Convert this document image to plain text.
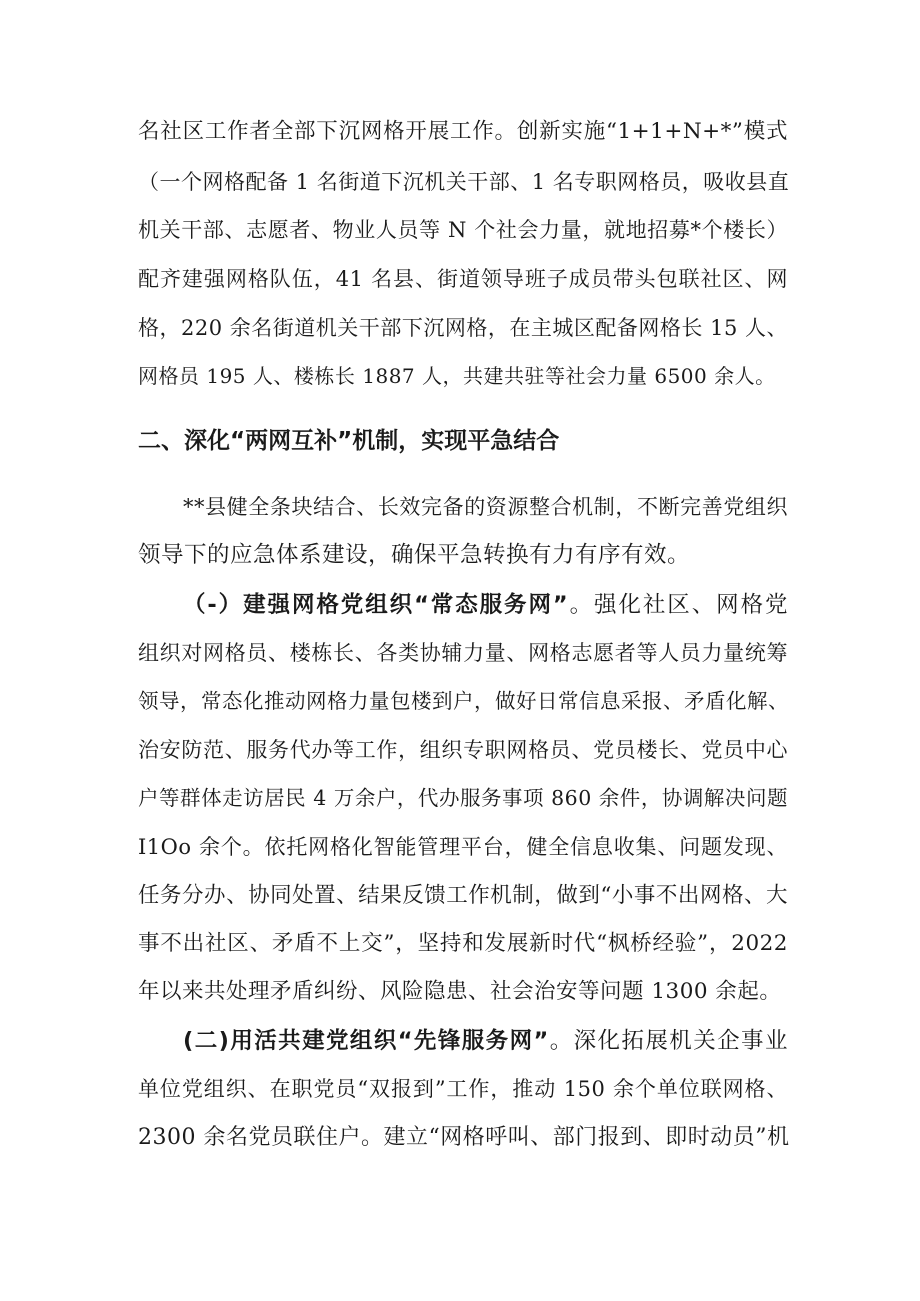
名社区工作者全部下沉网格开展工作。创新实施“1+1+N+*”模式
（一个网格配备 1 名街道下沉机关干部、1 名专职网格员，吸收县直
机关干部、志愿者、物业人员等 N 个社会力量，就地招募*个楼长）
配齐建强网格队伍，41 名县、街道领导班子成员带头包联社区、网
格，220 余名街道机关干部下沉网格，在主城区配备网格长 15 人、
网格员 195 人、楼栋长 1887 人，共建共驻等社会力量 6500 余人。
二、深化“两网互补”机制，实现平急结合
**县健全条块结合、长效完备的资源整合机制，不断完善党组织
领导下的应急体系建设，确保平急转换有力有序有效。
（-）建强网格党组织“常态服务网”。强化社区、网格党
组织对网格员、楼栋长、各类协辅力量、网格志愿者等人员力量统筹
领导，常态化推动网格力量包楼到户，做好日常信息采报、矛盾化解、
治安防范、服务代办等工作，组织专职网格员、党员楼长、党员中心
户等群体走访居民 4 万余户，代办服务事项 860 余件，协调解决问题
I1Oo 余个。依托网格化智能管理平台，健全信息收集、问题发现、
任务分办、协同处置、结果反馈工作机制，做到“小事不出网格、大
事不出社区、矛盾不上交”，坚持和发展新时代“枫桥经验”，2022
年以来共处理矛盾纠纷、风险隐患、社会治安等问题 1300 余起。
(二)用活共建党组织“先锋服务网”。深化拓展机关企事业
单位党组织、在职党员“双报到”工作，推动 150 余个单位联网格、
2300 余名党员联住户。建立“网格呼叫、部门报到、即时动员”机
